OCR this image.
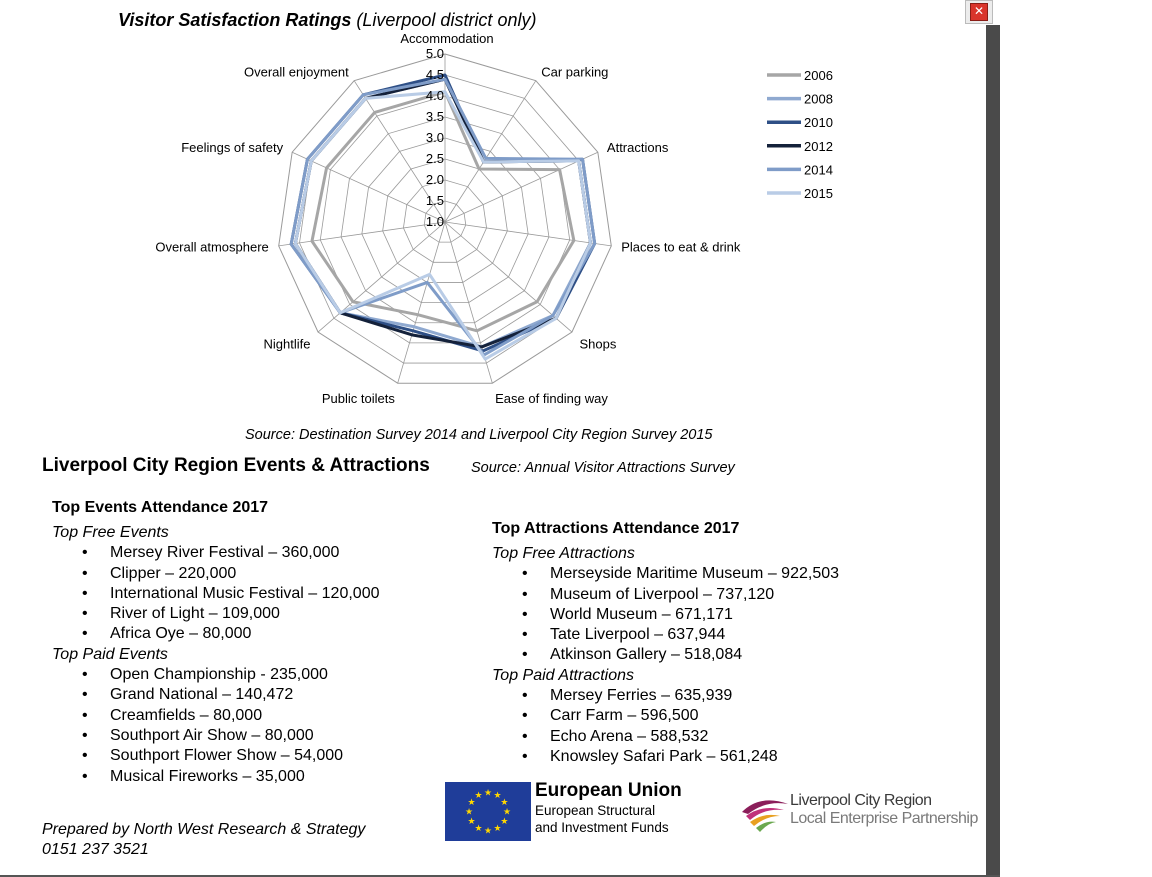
Visitor Satisfaction Ratings (Liverpool district only)
1.0
1.5
2.0
2.5
3.0
3.5
4.0
4.5
5.0
Accommodation
Car parking
Attractions
Places to eat & drink
Shops
Ease of finding way
Public toilets
Nightlife
Overall atmosphere
Feelings of safety
Overall enjoyment	2006
2008
2010
2012
2014
2015
Source: Destination Survey 2014 and Liverpool City Region Survey 2015
Liverpool City Region Events & Attractions	Source: Annual Visitor Attractions Survey
Top Events Attendance 2017

Top Free Events

• Mersey River Festival – 360,000
• Clipper – 220,000
• International Music Festival – 120,000
• River of Light – 109,000
• Africa Oye – 80,000

Top Paid Events

• Open Championship - 235,000
• Grand National – 140,472
• Creamfields – 80,000
• Southport Air Show – 80,000
• Southport Flower Show – 54,000
• Musical Fireworks – 35,000
Top Attractions Attendance 2017

Top Free Attractions

• Merseyside Maritime Museum – 922,503
• Museum of Liverpool – 737,120
• World Museum – 671,171
• Tate Liverpool – 637,944
• Atkinson Gallery – 518,084

Top Paid Attractions

• Mersey Ferries – 635,939
• Carr Farm – 596,500
• Echo Arena – 588,532
• Knowsley Safari Park – 561,248
Prepared by North West Research & Strategy
0151 237 3521
★
★
★
★
★
★
★
★
★ ★ ★
★
European Union
European Structural
and Investment Funds
Liverpool City Region
Local Enterprise Partnership
✕
